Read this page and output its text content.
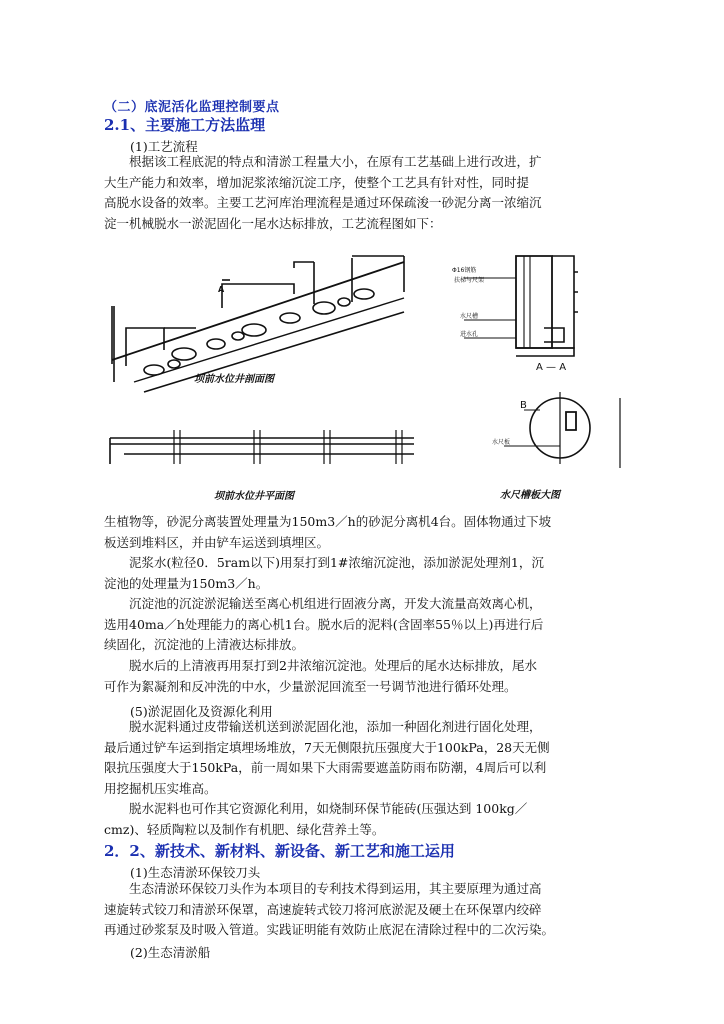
（二）底泥活化监理控制要点
2.1、主要施工方法监理
(1)工艺流程
根据该工程底泥的特点和清淤工程量大小，在原有工艺基础上进行改进，扩
大生产能力和效率，增加泥浆浓缩沉淀工序，使整个工艺具有针对性，同时提
高脱水设备的效率。主要工艺河库治理流程是通过环保疏浚一砂泥分离一浓缩沉
淀一机械脱水一淤泥固化一尾水达标排放，工艺流程图如下：
A
坝前水位井剖面图
坝前水位井平面图
A — A
B
水尺槽板大图
Φ16钢筋
扶梯与尺架
水尺槽
进水孔
水尺板
生植物等，砂泥分离装置处理量为150m3／h的砂泥分离机4台。固体物通过下坡
板送到堆料区，并由铲车运送到填埋区。
泥浆水(粒径0．5ram以下)用泵打到1#浓缩沉淀池，添加淤泥处理剂1，沉
淀池的处理量为150m3／h。
沉淀池的沉淀淤泥输送至离心机组进行固液分离，开发大流量高效离心机，
选用40ma／h处理能力的离心机1台。脱水后的泥料(含固率55％以上)再进行后
续固化，沉淀池的上清液达标排放。
脱水后的上清液再用泵打到2井浓缩沉淀池。处理后的尾水达标排放，尾水
可作为絮凝剂和反冲洗的中水，少量淤泥回流至一号调节池进行循环处理。
(5)淤泥固化及资源化利用
脱水泥料通过皮带输送机送到淤泥固化池，添加一种固化剂进行固化处理，
最后通过铲车运到指定填埋场堆放，7天无侧限抗压强度大于100kPa，28天无侧
限抗压强度大于150kPa，前一周如果下大雨需要遮盖防雨布防潮，4周后可以利
用挖掘机压实堆高。
脱水泥料也可作其它资源化利用，如烧制环保节能砖(压强达到 100kg／
cmz)、轻质陶粒以及制作有机肥、绿化营养土等。
2．2、新技术、新材料、新设备、新工艺和施工运用
(1)生态清淤环保铰刀头
生态清淤环保铰刀头作为本项目的专利技术得到运用，其主要原理为通过高
速旋转式铰刀和清淤环保罩，高速旋转式铰刀将河底淤泥及硬土在环保罩内绞碎
再通过砂浆泵及时吸入管道。实践证明能有效防止底泥在清除过程中的二次污染。
(2)生态清淤船
